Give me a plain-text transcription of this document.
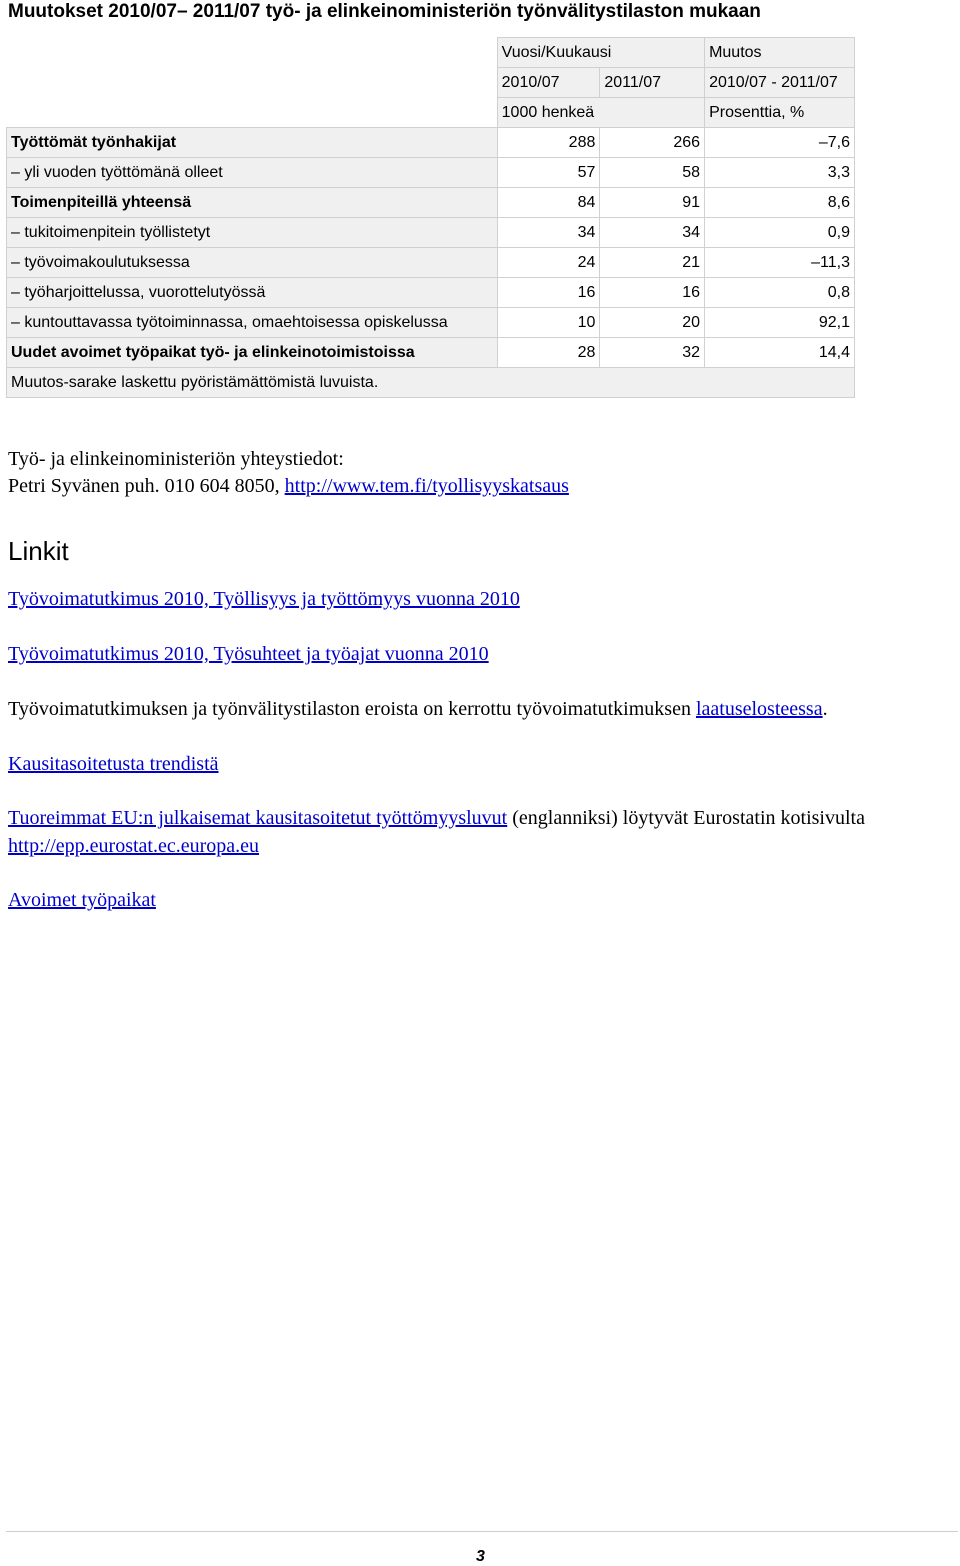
Muutokset 2010/07– 2011/07 työ- ja elinkeinoministeriön työnvälitystilaston mukaan
	Vuosi/Kuukausi		Muutos
	2010/07	2011/07	2010/07 - 2011/07
	1000 henkeä		Prosenttia, %
Työttömät työnhakijat	288	266	–7,6
– yli vuoden työttömänä olleet	57	58	3,3
Toimenpiteillä yhteensä	84	91	8,6
– tukitoimenpitein työllistetyt	34	34	0,9
– työvoimakoulutuksessa	24	21	–11,3
– työharjoittelussa, vuorottelutyössä	16	16	0,8
– kuntouttavassa työtoiminnassa, omaehtoisessa opiskelussa	10	20	92,1
Uudet avoimet työpaikat työ- ja elinkeinotoimistoissa	28	32	14,4
Muutos-sarake laskettu pyöristämättömistä luvuista.			
Työ- ja elinkeinoministeriön yhteystiedot:
Petri Syvänen puh. 010 604 8050, http://www.tem.fi/tyollisyyskatsaus
Linkit
Työvoimatutkimus 2010, Työllisyys ja työttömyys vuonna 2010
Työvoimatutkimus 2010, Työsuhteet ja työajat vuonna 2010
Työvoimatutkimuksen ja työnvälitystilaston eroista on kerrottu työvoimatutkimuksen laatuselosteessa.
Kausitasoitetusta trendistä
Tuoreimmat EU:n julkaisemat kausitasoitetut työttömyysluvut (englanniksi) löytyvät Eurostatin kotisivulta
http://epp.eurostat.ec.europa.eu
Avoimet työpaikat
3
